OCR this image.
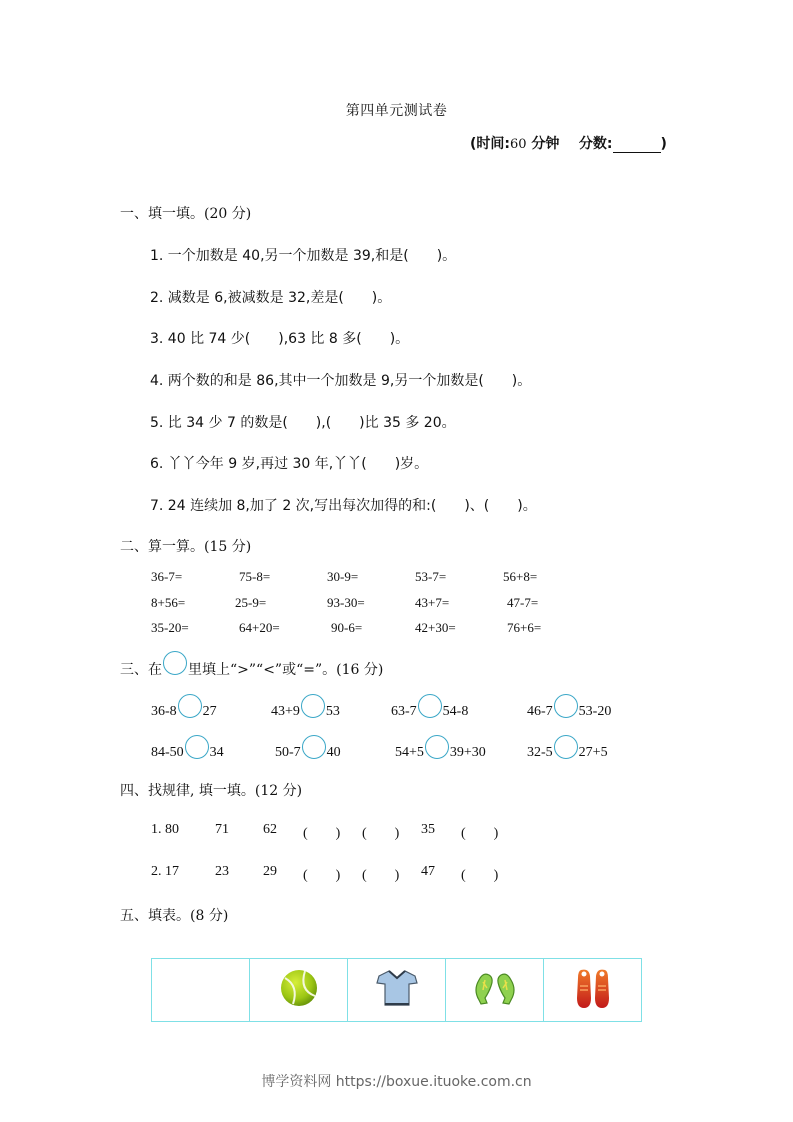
第四单元测试卷
(时间:60 分钟 分数:	)
一、填一填。(20 分)
1. 一个加数是 40,另一个加数是 39,和是(　　)。
2. 减数是 6,被减数是 32,差是(　　)。
3. 40 比 74 少(　　),63 比 8 多(　　)。
4. 两个数的和是 86,其中一个加数是 9,另一个加数是(　　)。
5. 比 34 少 7 的数是(　　),(　　)比 35 多 20。
6. 丫丫今年 9 岁,再过 30 年,丫丫(　　)岁。
7. 24 连续加 8,加了 2 次,写出每次加得的和:(　　)、(　　)。
二、算一算。(15 分)
36-7=	75-8=	30-9=	53-7=	56+8=
8+56=	25-9=	93-30=	43+7=	47-7=
35-20=	64+20=	90-6=	42+30=	76+6=
三、在 里填上“>”“<”或“=”。(16 分)
36-8 27	43+9 53	63-7 54-8	46-7 53-20
84-50 34	50-7 40	54+5 39+30	32-5 27+5
四、找规律, 填一填。(12 分)
1. 80	71 62 (　　) (　　) 35 (　　)
2. 17	23 29 (　　) (　　) 47 (　　)
五、填表。(8 分)

博学资料网 https://boxue.ituoke.com.cn
